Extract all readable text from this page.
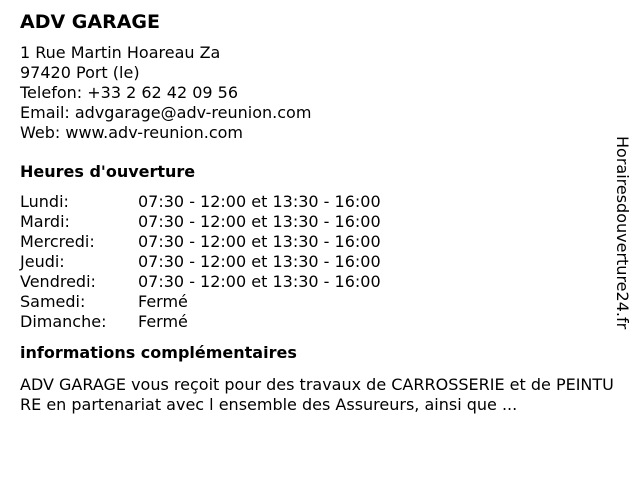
ADV GARAGE
1 Rue Martin Hoareau Za
97420 Port (le)
Telefon: +33 2 62 42 09 56
Email: advgarage@adv-reunion.com
Web: www.adv-reunion.com
Heures d'ouverture
Lundi:	07:30 - 12:00 et 13:30 - 16:00
Mardi:	07:30 - 12:00 et 13:30 - 16:00
Mercredi:	07:30 - 12:00 et 13:30 - 16:00
Jeudi:	07:30 - 12:00 et 13:30 - 16:00
Vendredi:	07:30 - 12:00 et 13:30 - 16:00
Samedi:	Fermé
Dimanche:	Fermé
informations complémentaires
ADV GARAGE vous reçoit pour des travaux de CARROSSERIE et de PEINTURE en partenariat avec l ensemble des Assureurs, ainsi que ...
Horairesdouverture24.fr
